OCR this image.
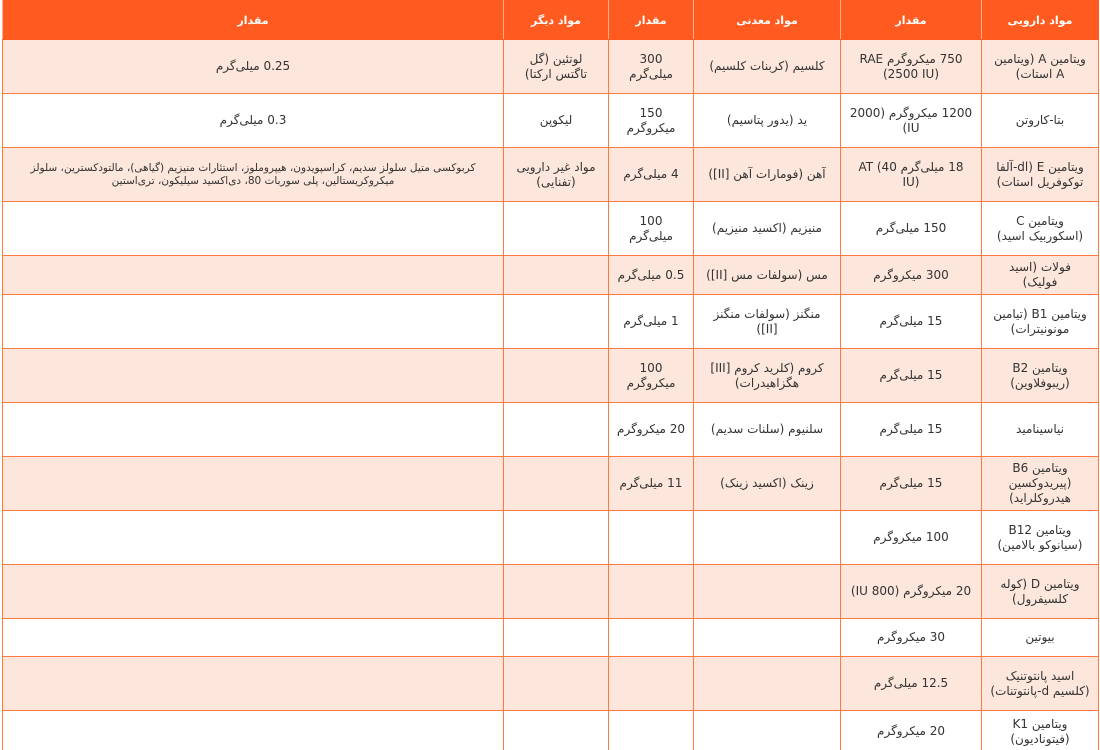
مواد دارویی	مقدار	مواد معدنی	مقدار	مواد دیگر	مقدار
ویتامین A (ویتامین A استات)	750 میکروگرم RAE (2500 IU)	کلسیم (کربنات کلسیم)	300 میلی‌گرم	لوتئین (گل تاگتس ارکتا)	0.25 میلی‌گرم
بتا-کاروتن	1200 میکروگرم (2000 IU)	ید (یدور پتاسیم)	150 میکروگرم	لیکوپن	0.3 میلی‌گرم
ویتامین E (dl-آلفا توکوفریل استات)	18 میلی‌گرم AT (40 IU)	آهن (فومارات آهن [II])	4 میلی‌گرم	مواد غیر دارویی (تفنایی)	کربوکسی متیل سلولز سدیم، کراسپویدون، هیپروملوز، استئارات منیزیم (گیاهی)، مالتودکسترین، سلولز میکروکریستالین، پلی سوربات 80، دی‌اکسید سیلیکون، تری‌استین
ویتامین C (اسکوربیک اسید)	150 میلی‌گرم	منیزیم (اکسید منیزیم)	100 میلی‌گرم		
فولات (اسید فولیک)	300 میکروگرم	مس (سولفات مس [II])	0.5 میلی‌گرم		
ویتامین B1 (تیامین مونونیترات)	15 میلی‌گرم	منگنز (سولفات منگنز [II])	1 میلی‌گرم		
ویتامین B2 (ریبوفلاوین)	15 میلی‌گرم	کروم (کلرید کروم [III] هگزاهیدرات)	100 میکروگرم		
نیاسینامید	15 میلی‌گرم	سلنیوم (سلنات سدیم)	20 میکروگرم		
ویتامین B6 (پیریدوکسین هیدروکلراید)	15 میلی‌گرم	زینک (اکسید زینک)	11 میلی‌گرم		
ویتامین B12 (سیانوکو بالامین)	100 میکروگرم				
ویتامین D (کوله کلسیفرول)	20 میکروگرم (800 IU)				
بیوتین	30 میکروگرم				
اسید پانتوتنیک (کلسیم d-پانتوتنات)	12.5 میلی‌گرم				
ویتامین K1 (فیتونادیون)	20 میکروگرم				
